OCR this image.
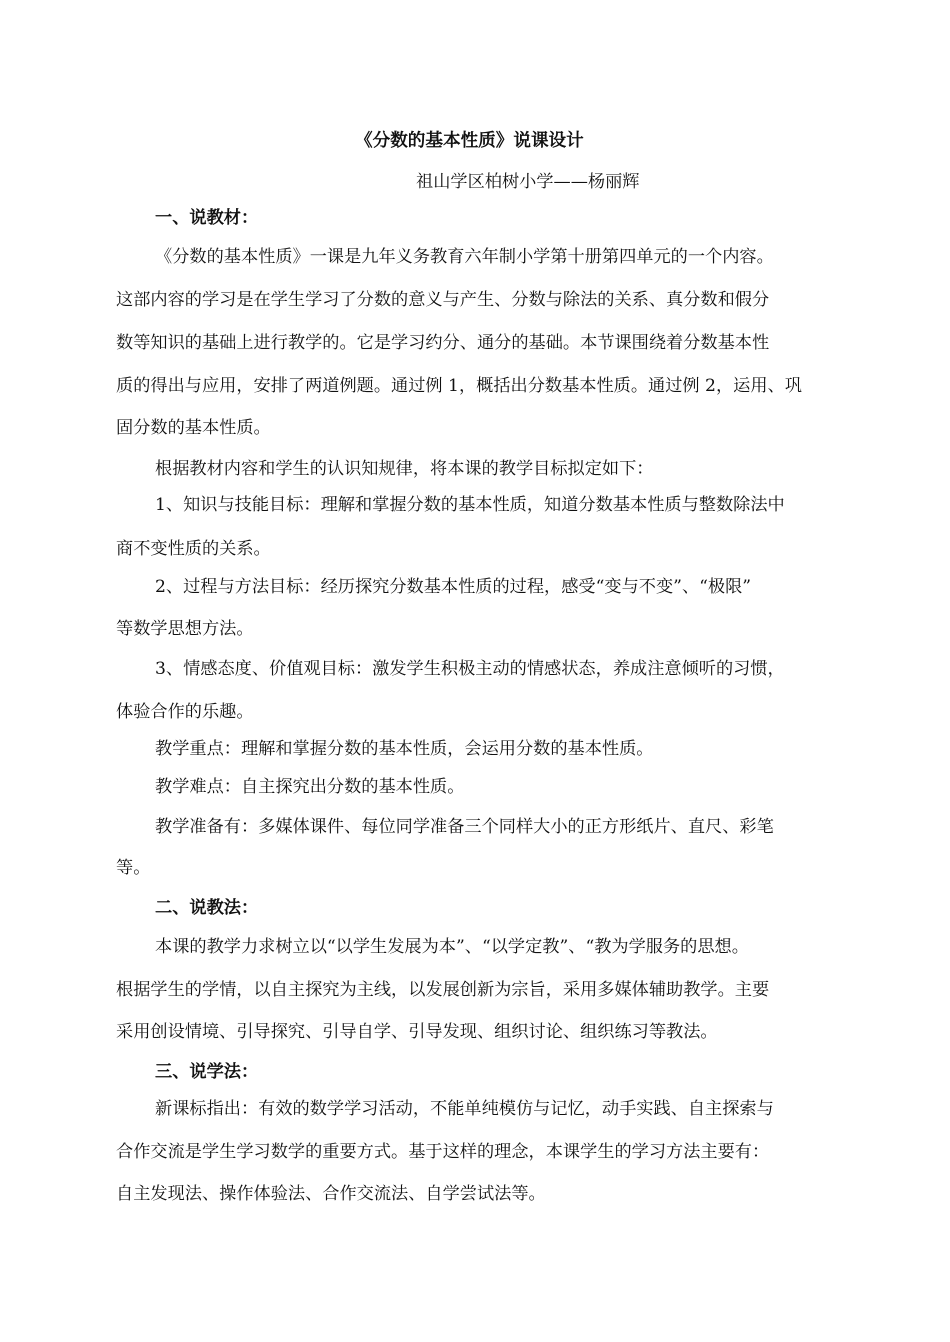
《分数的基本性质》说课设计
祖山学区柏树小学——杨丽辉
一、说教材：
《分数的基本性质》一课是九年义务教育六年制小学第十册第四单元的一个内容。
这部内容的学习是在学生学习了分数的意义与产生、分数与除法的关系、真分数和假分
数等知识的基础上进行教学的。它是学习约分、通分的基础。本节课围绕着分数基本性
质的得出与应用，安排了两道例题。通过例 1，概括出分数基本性质。通过例 2，运用、巩
固分数的基本性质。
根据教材内容和学生的认识知规律，将本课的教学目标拟定如下：
1、知识与技能目标：理解和掌握分数的基本性质，知道分数基本性质与整数除法中
商不变性质的关系。
2、过程与方法目标：经历探究分数基本性质的过程，感受“变与不变”、“极限”
等数学思想方法。
3、情感态度、价值观目标：激发学生积极主动的情感状态，养成注意倾听的习惯，
体验合作的乐趣。
教学重点：理解和掌握分数的基本性质，会运用分数的基本性质。
教学难点：自主探究出分数的基本性质。
教学准备有：多媒体课件、每位同学准备三个同样大小的正方形纸片、直尺、彩笔
等。
二、说教法：
本课的教学力求树立以“以学生发展为本”、“以学定教”、“教为学服务的思想。
根据学生的学情，以自主探究为主线，以发展创新为宗旨，采用多媒体辅助教学。主要
采用创设情境、引导探究、引导自学、引导发现、组织讨论、组织练习等教法。
三、说学法：
新课标指出：有效的数学学习活动，不能单纯模仿与记忆，动手实践、自主探索与
合作交流是学生学习数学的重要方式。基于这样的理念，本课学生的学习方法主要有：
自主发现法、操作体验法、合作交流法、自学尝试法等。
